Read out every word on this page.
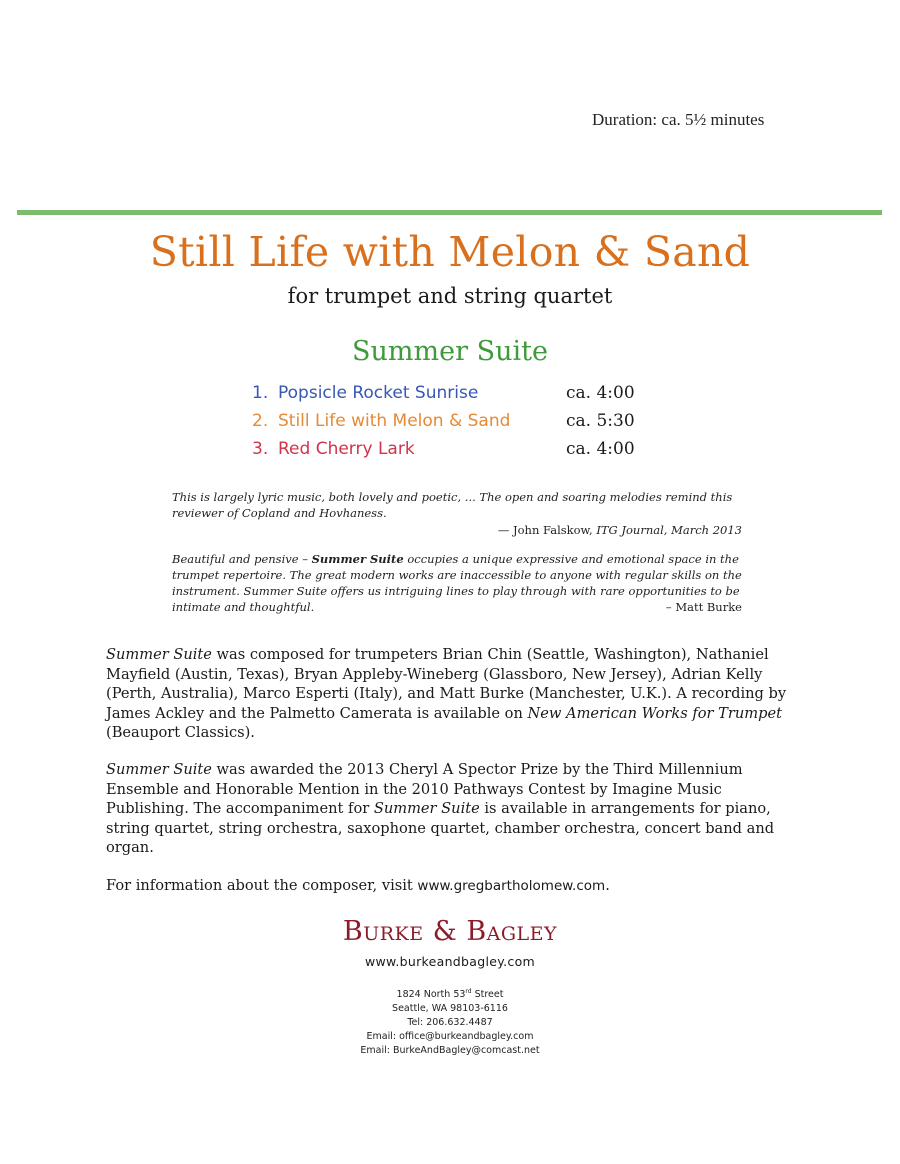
Duration: ca. 5½ minutes
Still Life with Melon & Sand
for trumpet and string quartet
Summer Suite
1. Popsicle Rocket Sunrise	ca. 4:00
2. Still Life with Melon & Sand	ca. 5:30
3. Red Cherry Lark	ca. 4:00
This is largely lyric music, both lovely and poetic, ... The open and soaring melodies remind this reviewer of Copland and Hovhaness.
— John Falskow, ITG Journal, March 2013
Beautiful and pensive – Summer Suite occupies a unique expressive and emotional space in the trumpet repertoire. The great modern works are inaccessible to anyone with regular skills on the instrument. Summer Suite offers us intriguing lines to play through with rare opportunities to be intimate and thoughtful.	– Matt Burke
Summer Suite was composed for trumpeters Brian Chin (Seattle, Washington), Nathaniel Mayfield (Austin, Texas), Bryan Appleby-Wineberg (Glassboro, New Jersey), Adrian Kelly (Perth, Australia), Marco Esperti (Italy), and Matt Burke (Manchester, U.K.). A recording by James Ackley and the Palmetto Camerata is available on New American Works for Trumpet (Beauport Classics).
Summer Suite was awarded the 2013 Cheryl A Spector Prize by the Third Millennium Ensemble and Honorable Mention in the 2010 Pathways Contest by Imagine Music Publishing. The accompaniment for Summer Suite is available in arrangements for piano, string quartet, string orchestra, saxophone quartet, chamber orchestra, concert band and organ.
For information about the composer, visit www.gregbartholomew.com.
Burke & Bagley
www.burkeandbagley.com
1824 North 53rd Street
Seattle, WA 98103-6116
Tel: 206.632.4487
Email: office@burkeandbagley.com
Email: BurkeAndBagley@comcast.net
